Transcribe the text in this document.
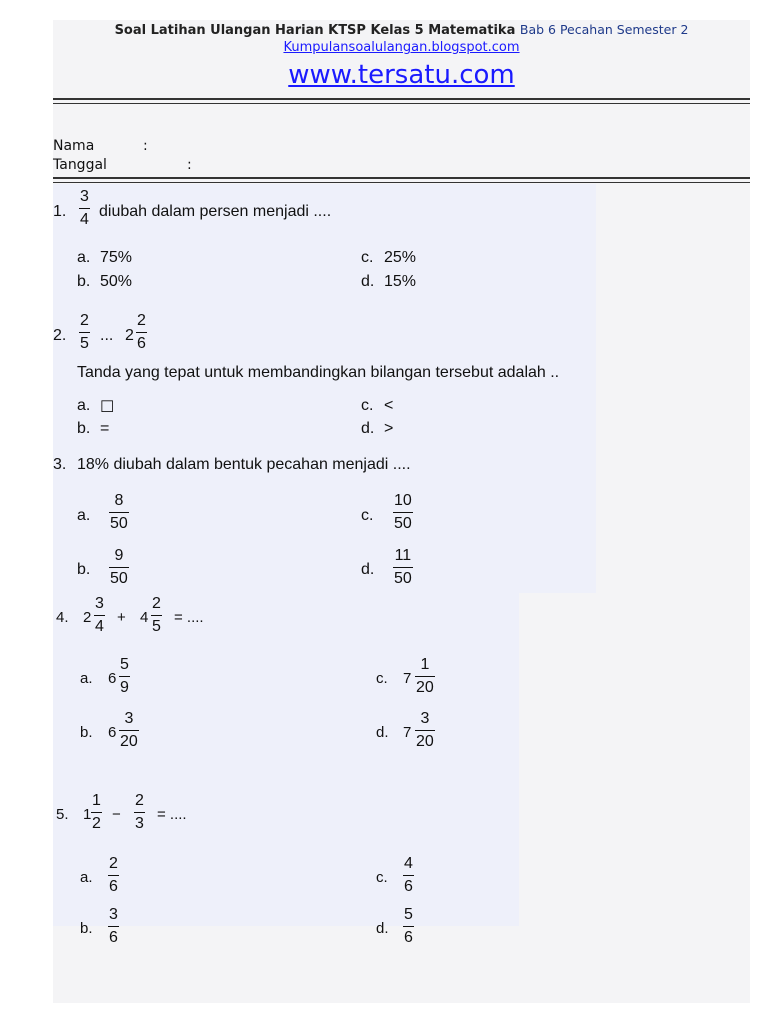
Soal Latihan Ulangan Harian KTSP Kelas 5 Matematika Bab 6 Pecahan Semester 2
Kumpulansoalulangan.blogspot.com
www.tersatu.com
Nama	:
Tanggal	:
1.
3
4 diubah dalam persen menjadi ....
a. 75%
b. 50%
c. 25%
d. 15%
2.
2
5 ... 2
2
6
Tanda yang tepat untuk membandingkan bilangan tersebut adalah ..
a. ☐
b. =
c. <
d. >
3. 18% diubah dalam bentuk pecahan menjadi ....
a.
8
50
b.
9
50
c.
10
50
d.
11
50
4. 2
3
4
+ 4
2
5
= ....
a. 6
5
9
b. 6
3
20
c. 7
1
20
d. 7
3
20
5. 1
1
2
−
2
3
= ....
a.
2
6
c.
4
6
b.
3
6
d.
5
6
